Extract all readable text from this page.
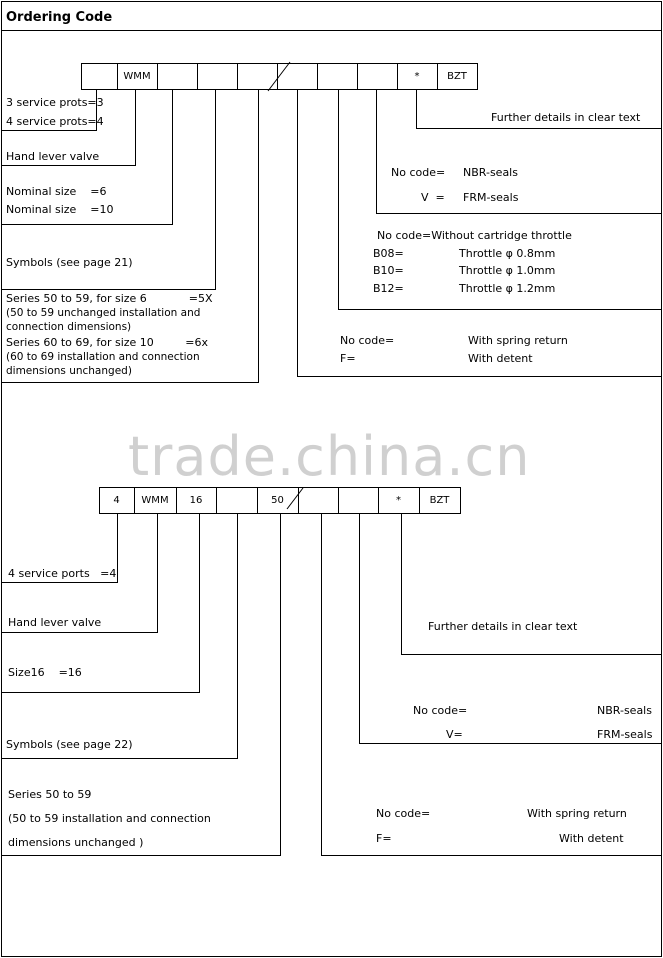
trade.china.cn
Ordering Code
WMM	*	BZT
3 service prots=3
4 service prots=4
Hand lever valve
Nominal size    =6
Nominal size    =10
Symbols (see page 21)
Series 50 to 59, for size 6            =5X
(50 to 59 unchanged installation and connection dimensions)
Series 60 to 69, for size 10         =6x
(60 to 69 installation and connection dimensions unchanged)
Further details in clear text
No code= NBR-seals
V  = FRM-seals
No code=Without cartridge throttle
B08=	Throttle φ 0.8mm
B10=	Throttle φ 1.0mm
B12=	Throttle φ 1.2mm
No code=	With spring return
F=	With detent
4	WMM	16	50	*	BZT
4 service ports   =4
Hand lever valve
Size16    =16
Symbols (see page 22)
Series 50 to 59
(50 to 59 installation and connection
dimensions unchanged )
Further details in clear text
No code=	NBR-seals
V=	FRM-seals
No code=	With spring return
F=	With detent
